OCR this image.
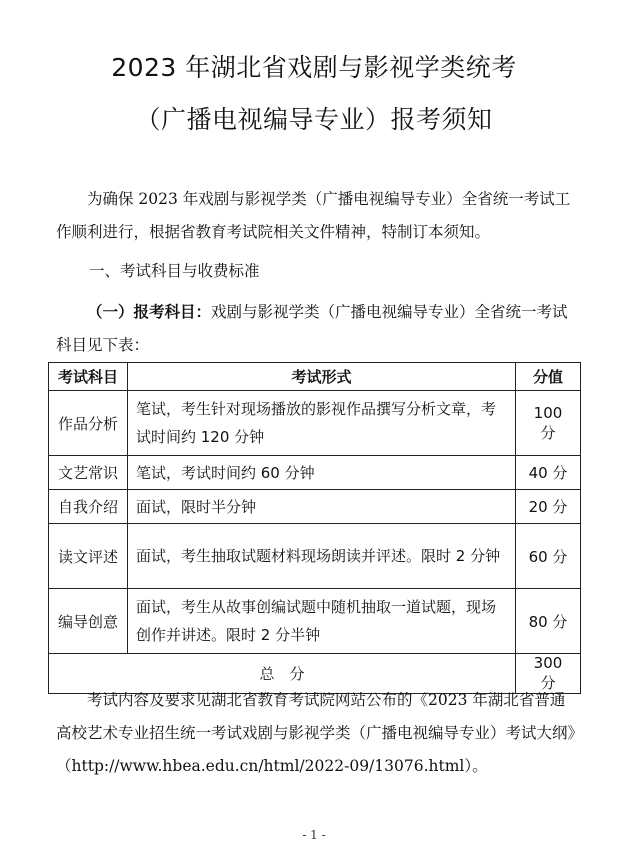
2023 年湖北省戏剧与影视学类统考
（广播电视编导专业）报考须知
为确保 2023 年戏剧与影视学类（广播电视编导专业）全省统一考试工作顺利进行，根据省教育考试院相关文件精神，特制订本须知。
一、考试科目与收费标准
（一）报考科目：戏剧与影视学类（广播电视编导专业）全省统一考试科目见下表：
考试科目	考试形式	分值
作品分析	笔试，考生针对现场播放的影视作品撰写分析文章，考试时间约 120 分钟	100 分
文艺常识	笔试，考试时间约 60 分钟	40 分
自我介绍	面试，限时半分钟	20 分
读文评述	面试，考生抽取试题材料现场朗读并评述。限时 2 分钟	60 分
编导创意	面试，考生从故事创编试题中随机抽取一道试题，现场创作并讲述。限时 2 分半钟	80 分
总　分		300 分
考试内容及要求见湖北省教育考试院网站公布的《2023 年湖北省普通高校艺术专业招生统一考试戏剧与影视学类（广播电视编导专业）考试大纲》（http://www.hbea.edu.cn/html/2022-09/13076.html）。
- 1 -
